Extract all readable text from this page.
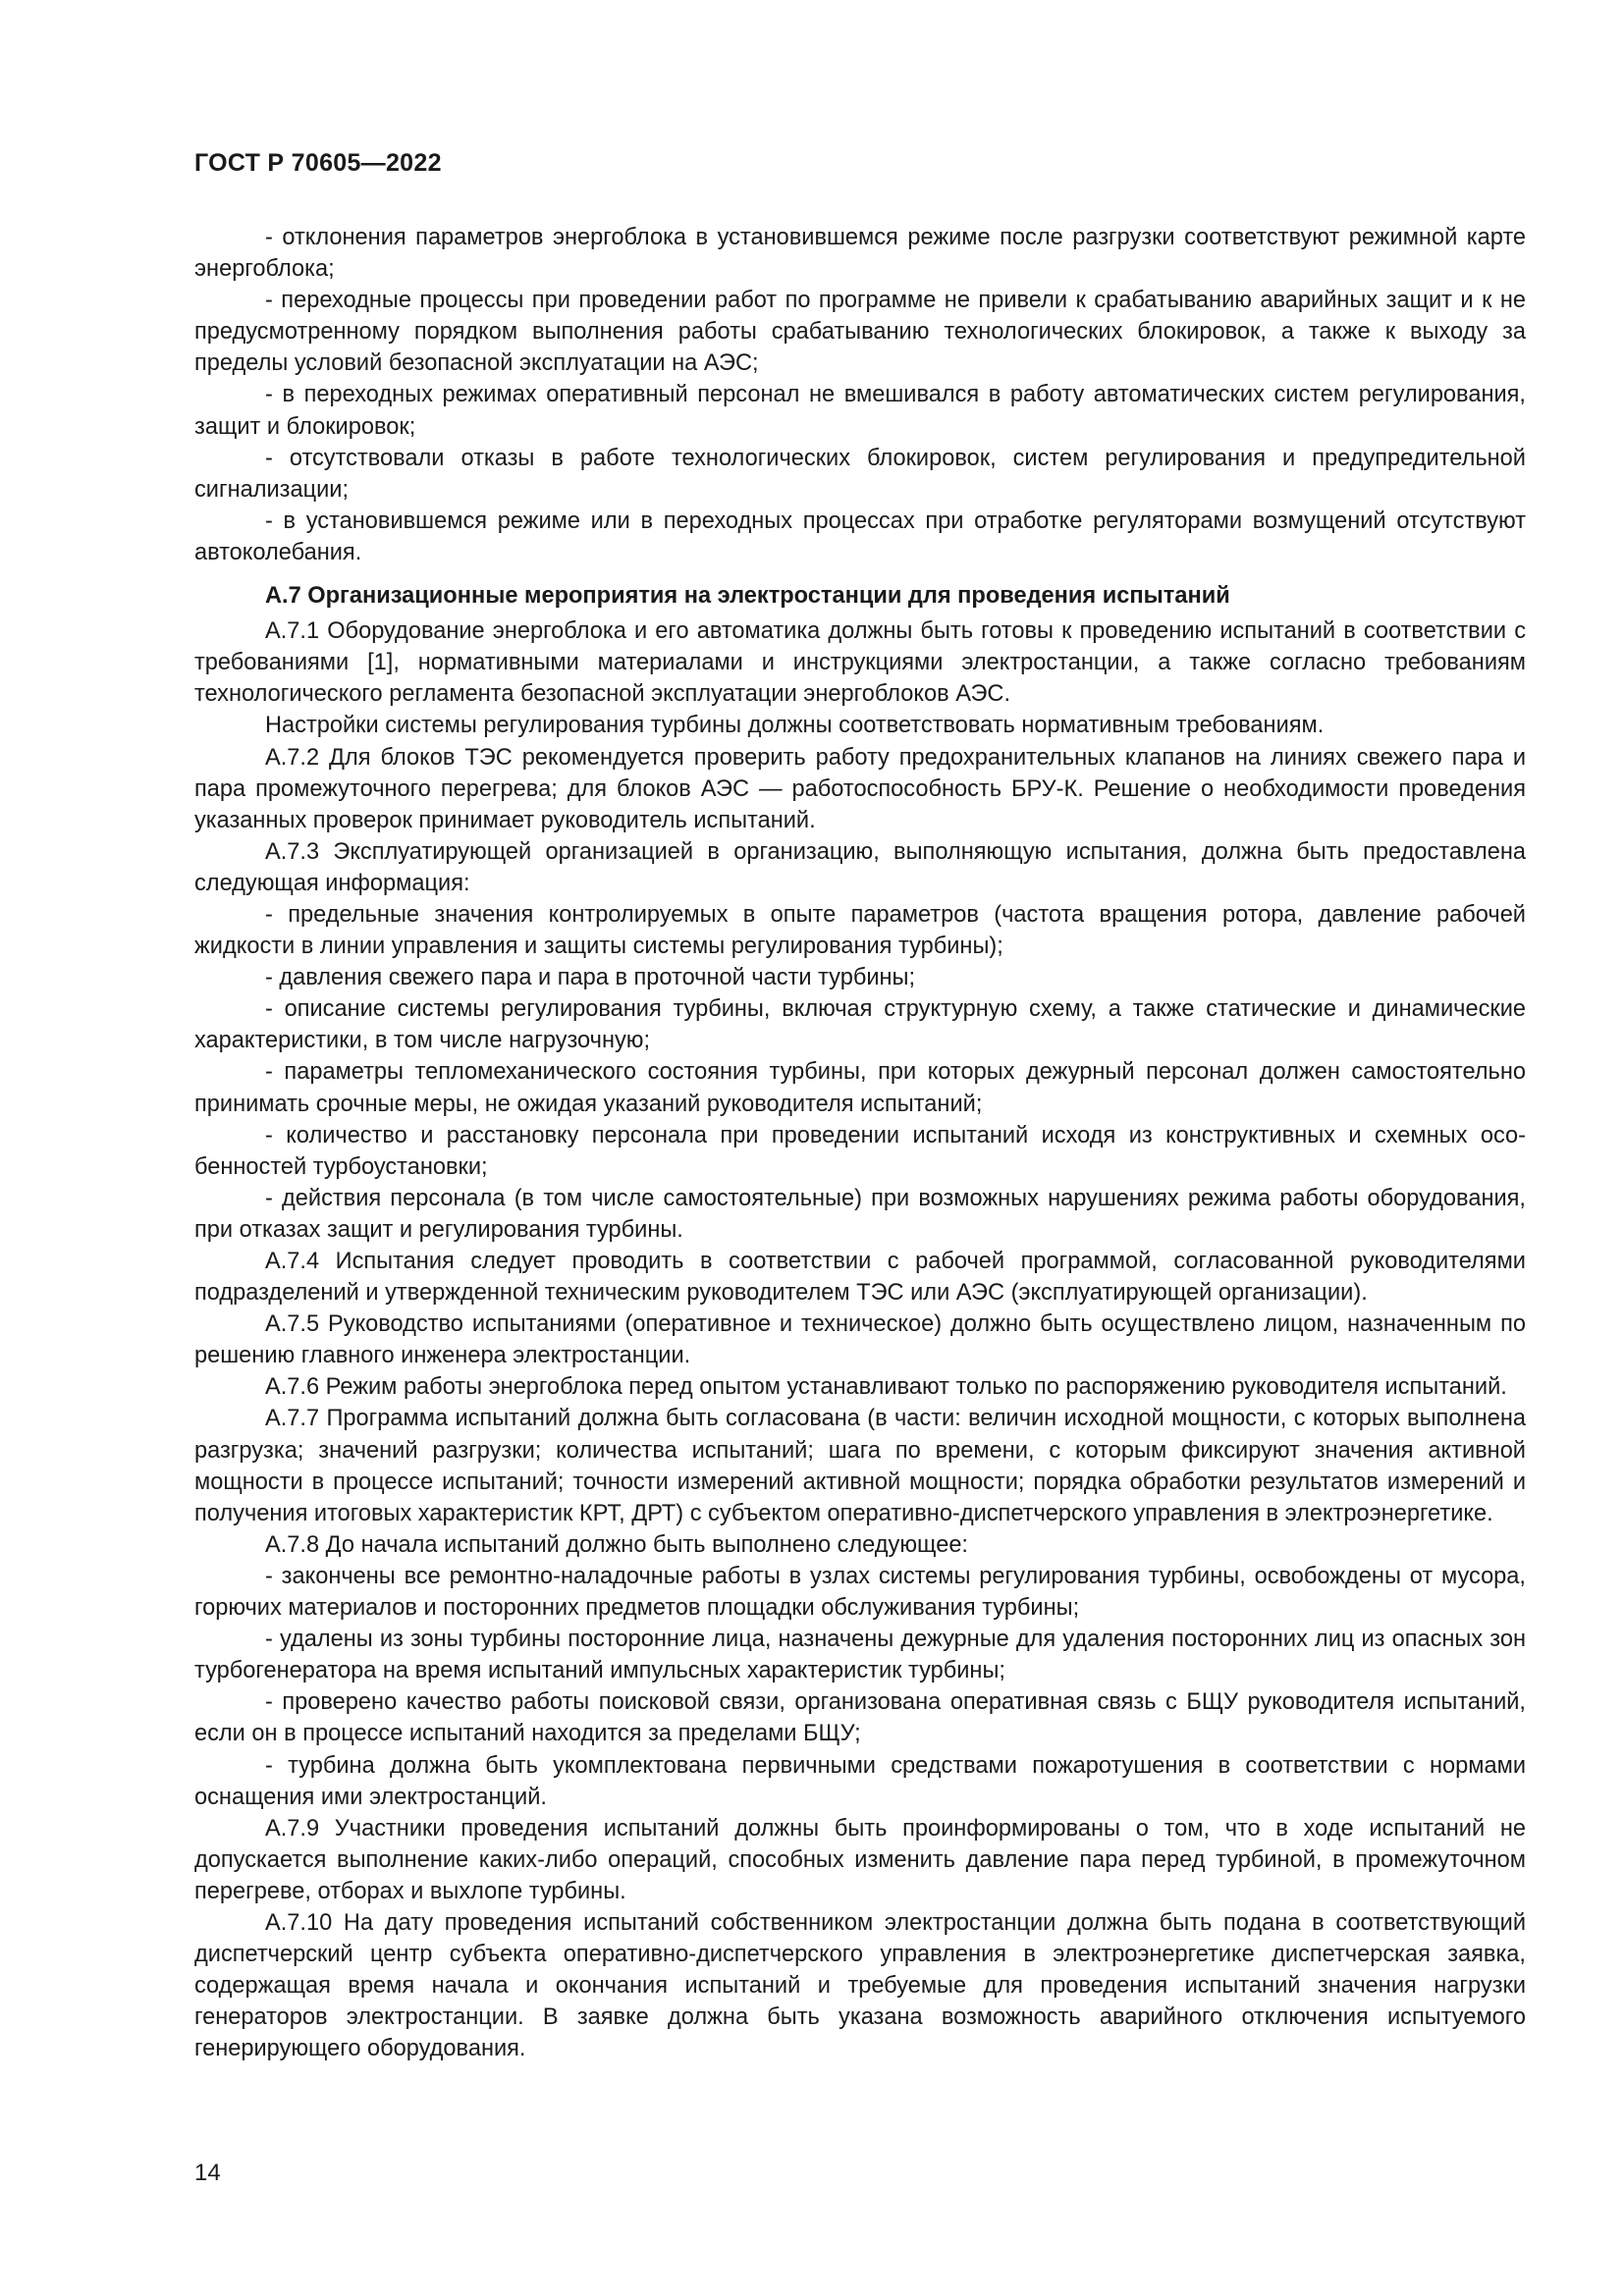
ГОСТ Р 70605—2022

- отклонения параметров энергоблока в установившемся режиме после разгрузки соответствуют режимной карте энергоблока;

- переходные процессы при проведении работ по программе не привели к срабатыванию аварийных защит и к не предусмотренному порядком выполнения работы срабатыванию технологических блокировок, а также к выходу за пределы условий безопасной эксплуатации на АЭС;

- в переходных режимах оперативный персонал не вмешивался в работу автоматических систем регулирования, защит и блокировок;

- отсутствовали отказы в работе технологических блокировок, систем регулирования и предупредительной сигнализации;

- в установившемся режиме или в переходных процессах при отработке регуляторами возмущений отсутствуют автоколебания.

А.7 Организационные мероприятия на электростанции для проведения испытаний

А.7.1 Оборудование энергоблока и его автоматика должны быть готовы к проведению испытаний в соответствии с требованиями [1], нормативными материалами и инструкциями электростанции, а также согласно требованиям технологического регламента безопасной эксплуатации энергоблоков АЭС.

Настройки системы регулирования турбины должны соответствовать нормативным требованиям.

А.7.2 Для блоков ТЭС рекомендуется проверить работу предохранительных клапанов на линиях свежего пара и пара промежуточного перегрева; для блоков АЭС — работоспособность БРУ-К. Решение о необходимости проведения указанных проверок принимает руководитель испытаний.

А.7.3 Эксплуатирующей организацией в организацию, выполняющую испытания, должна быть предоставлена следующая информация:

- предельные значения контролируемых в опыте параметров (частота вращения ротора, давление рабочей жидкости в линии управления и защиты системы регулирования турбины);

- давления свежего пара и пара в проточной части турбины;

- описание системы регулирования турбины, включая структурную схему, а также статические и динамические характеристики, в том числе нагрузочную;

- параметры тепломеханического состояния турбины, при которых дежурный персонал должен самостоятельно принимать срочные меры, не ожидая указаний руководителя испытаний;

- количество и расстановку персонала при проведении испытаний исходя из конструктивных и схемных особенностей турбоустановки;

- действия персонала (в том числе самостоятельные) при возможных нарушениях режима работы оборудования, при отказах защит и регулирования турбины.

А.7.4 Испытания следует проводить в соответствии с рабочей программой, согласованной руководителями подразделений и утвержденной техническим руководителем ТЭС или АЭС (эксплуатирующей организации).

А.7.5 Руководство испытаниями (оперативное и техническое) должно быть осуществлено лицом, назначенным по решению главного инженера электростанции.

А.7.6 Режим работы энергоблока перед опытом устанавливают только по распоряжению руководителя испытаний.

А.7.7 Программа испытаний должна быть согласована (в части: величин исходной мощности, с которых выполнена разгрузка; значений разгрузки; количества испытаний; шага по времени, с которым фиксируют значения активной мощности в процессе испытаний; точности измерений активной мощности; порядка обработки результатов измерений и получения итоговых характеристик КРТ, ДРТ) с субъектом оперативно-диспетчерского управления в электроэнергетике.

А.7.8 До начала испытаний должно быть выполнено следующее:

- закончены все ремонтно-наладочные работы в узлах системы регулирования турбины, освобождены от мусора, горючих материалов и посторонних предметов площадки обслуживания турбины;

- удалены из зоны турбины посторонние лица, назначены дежурные для удаления посторонних лиц из опасных зон турбогенератора на время испытаний импульсных характеристик турбины;

- проверено качество работы поисковой связи, организована оперативная связь с БЩУ руководителя испытаний, если он в процессе испытаний находится за пределами БЩУ;

- турбина должна быть укомплектована первичными средствами пожаротушения в соответствии с нормами оснащения ими электростанций.

А.7.9 Участники проведения испытаний должны быть проинформированы о том, что в ходе испытаний не допускается выполнение каких-либо операций, способных изменить давление пара перед турбиной, в промежуточном перегреве, отборах и выхлопе турбины.

А.7.10 На дату проведения испытаний собственником электростанции должна быть подана в соответствующий диспетчерский центр субъекта оперативно-диспетчерского управления в электроэнергетике диспетчерская заявка, содержащая время начала и окончания испытаний и требуемые для проведения испытаний значения нагрузки генераторов электростанции. В заявке должна быть указана возможность аварийного отключения испытуемого генерирующего оборудования.

14
